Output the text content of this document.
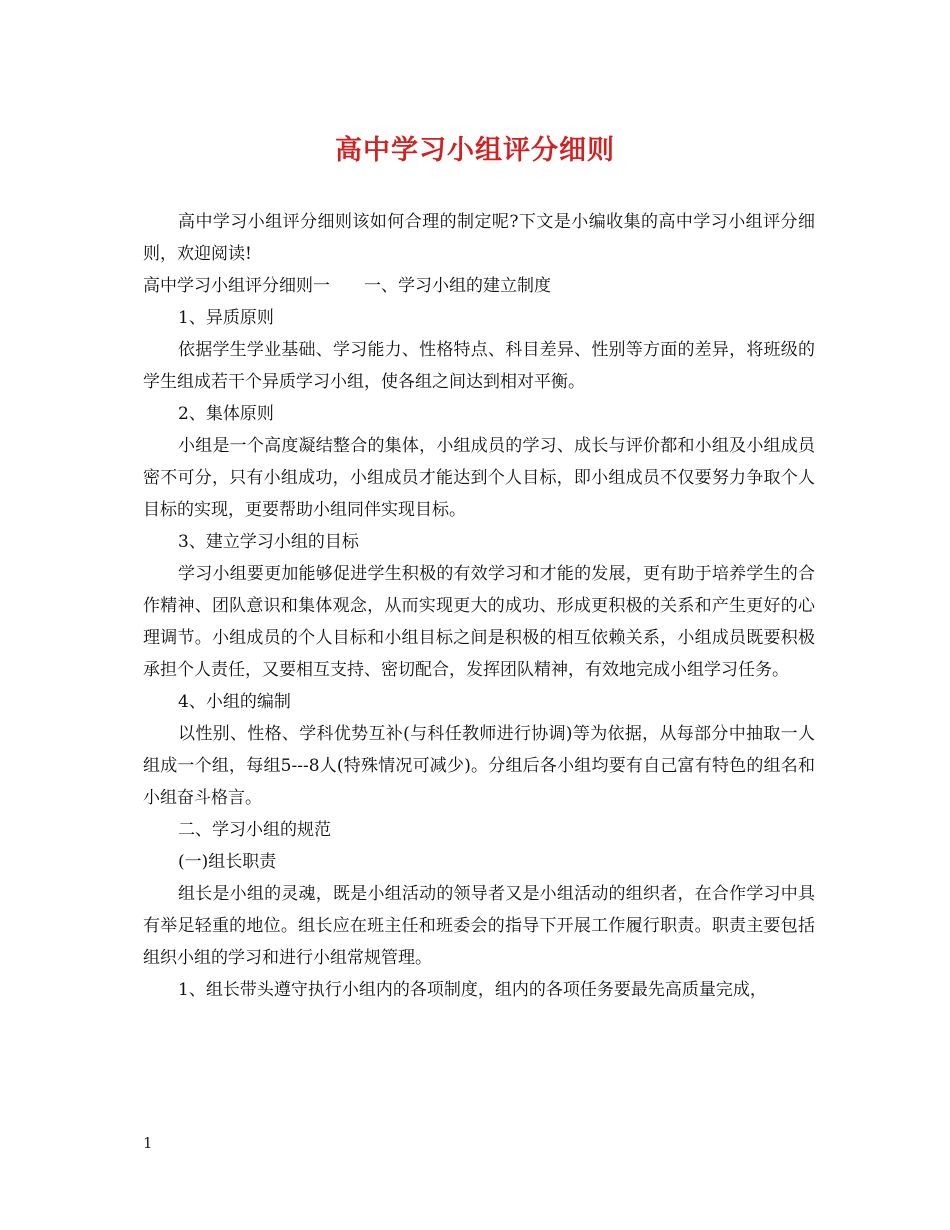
高中学习小组评分细则

高中学习小组评分细则该如何合理的制定呢?下文是小编收集的高中学习小组评分细则，欢迎阅读!

高中学习小组评分细则一　　一、学习小组的建立制度

1、异质原则

依据学生学业基础、学习能力、性格特点、科目差异、性别等方面的差异，将班级的学生组成若干个异质学习小组，使各组之间达到相对平衡。

2、集体原则

小组是一个高度凝结整合的集体，小组成员的学习、成长与评价都和小组及小组成员密不可分，只有小组成功，小组成员才能达到个人目标，即小组成员不仅要努力争取个人目标的实现，更要帮助小组同伴实现目标。

3、建立学习小组的目标

学习小组要更加能够促进学生积极的有效学习和才能的发展，更有助于培养学生的合作精神、团队意识和集体观念，从而实现更大的成功、形成更积极的关系和产生更好的心理调节。小组成员的个人目标和小组目标之间是积极的相互依赖关系，小组成员既要积极承担个人责任，又要相互支持、密切配合，发挥团队精神，有效地完成小组学习任务。

4、小组的编制

以性别、性格、学科优势互补(与科任教师进行协调)等为依据，从每部分中抽取一人组成一个组，每组5---8人(特殊情况可减少)。分组后各小组均要有自己富有特色的组名和小组奋斗格言。

二、学习小组的规范

(一)组长职责

组长是小组的灵魂，既是小组活动的领导者又是小组活动的组织者，在合作学习中具有举足轻重的地位。组长应在班主任和班委会的指导下开展工作履行职责。职责主要包括组织小组的学习和进行小组常规管理。

1、组长带头遵守执行小组内的各项制度，组内的各项任务要最先高质量完成，

1
